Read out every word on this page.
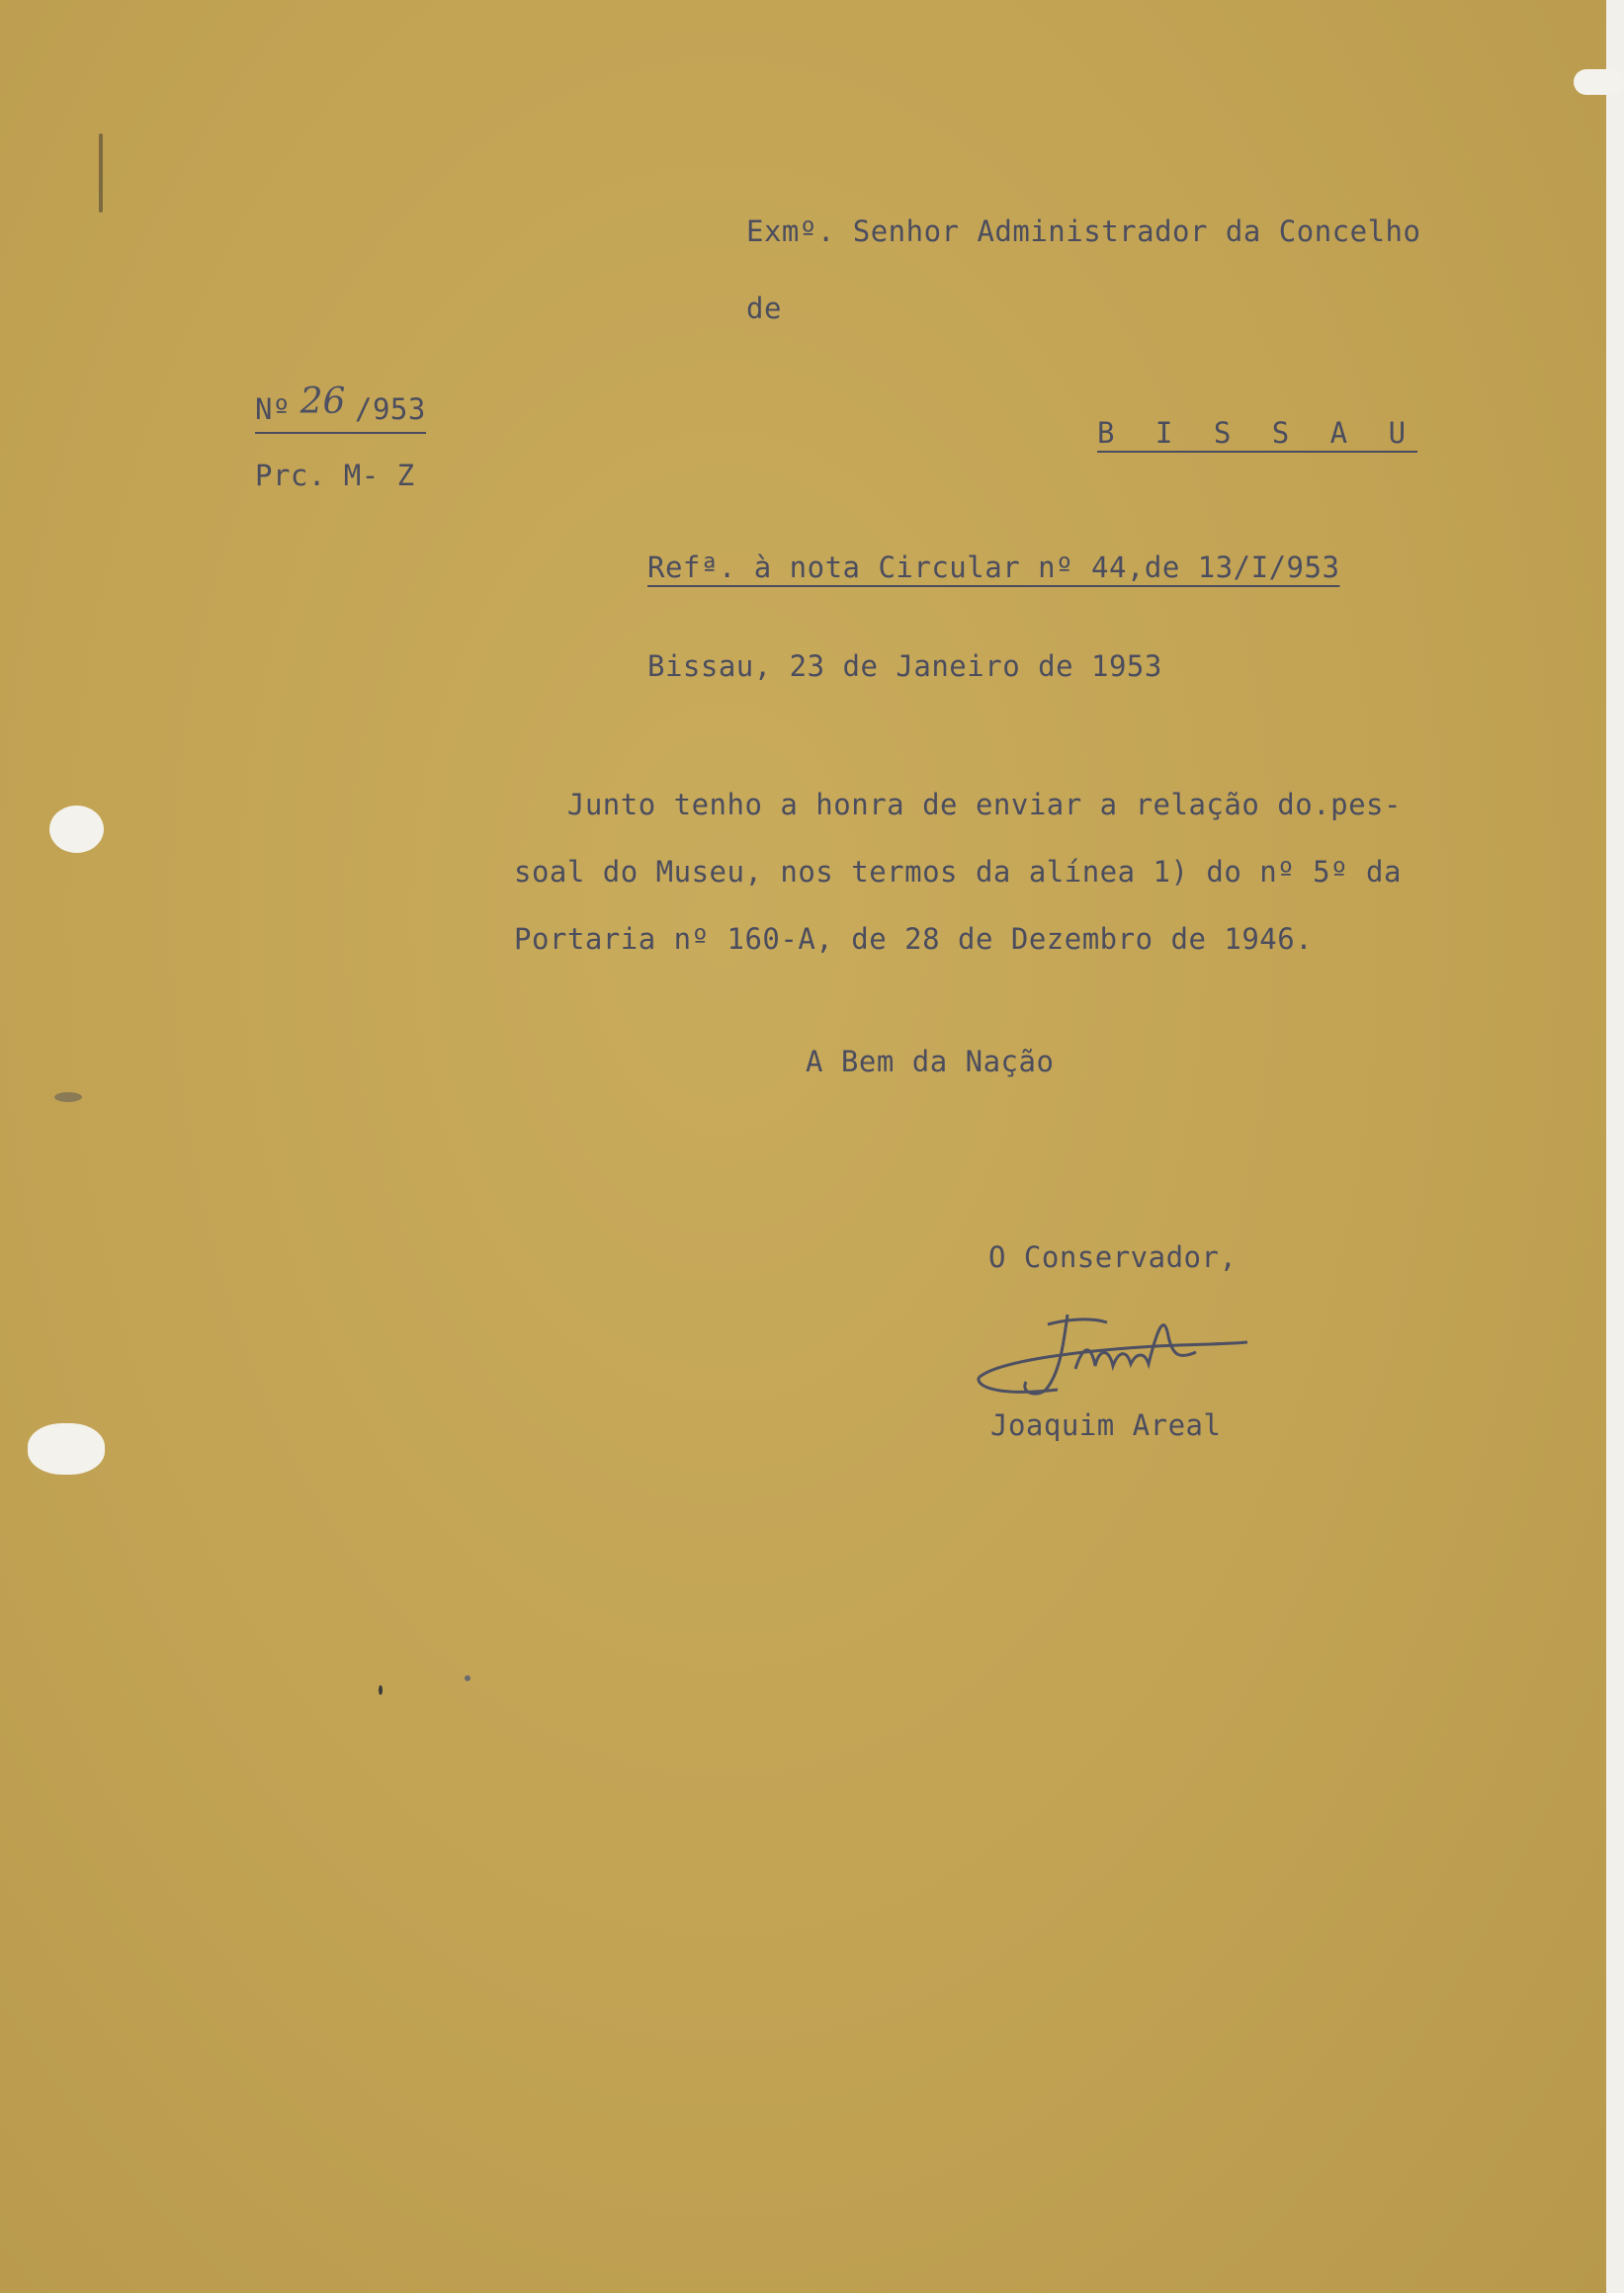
Exmº. Senhor Administrador da Concelho
de
Nº 26 /953
Prc. M- Z
B I S S A U
Refª. à nota Circular nº 44,de 13/I/953
Bissau, 23 de Janeiro de 1953
Junto tenho a honra de enviar a relação do.pes-
soal do Museu, nos termos da alínea 1) do nº 5º da
Portaria nº 160-A, de 28 de Dezembro de 1946.
A Bem da Nação
O Conservador,
Joaquim Areal
